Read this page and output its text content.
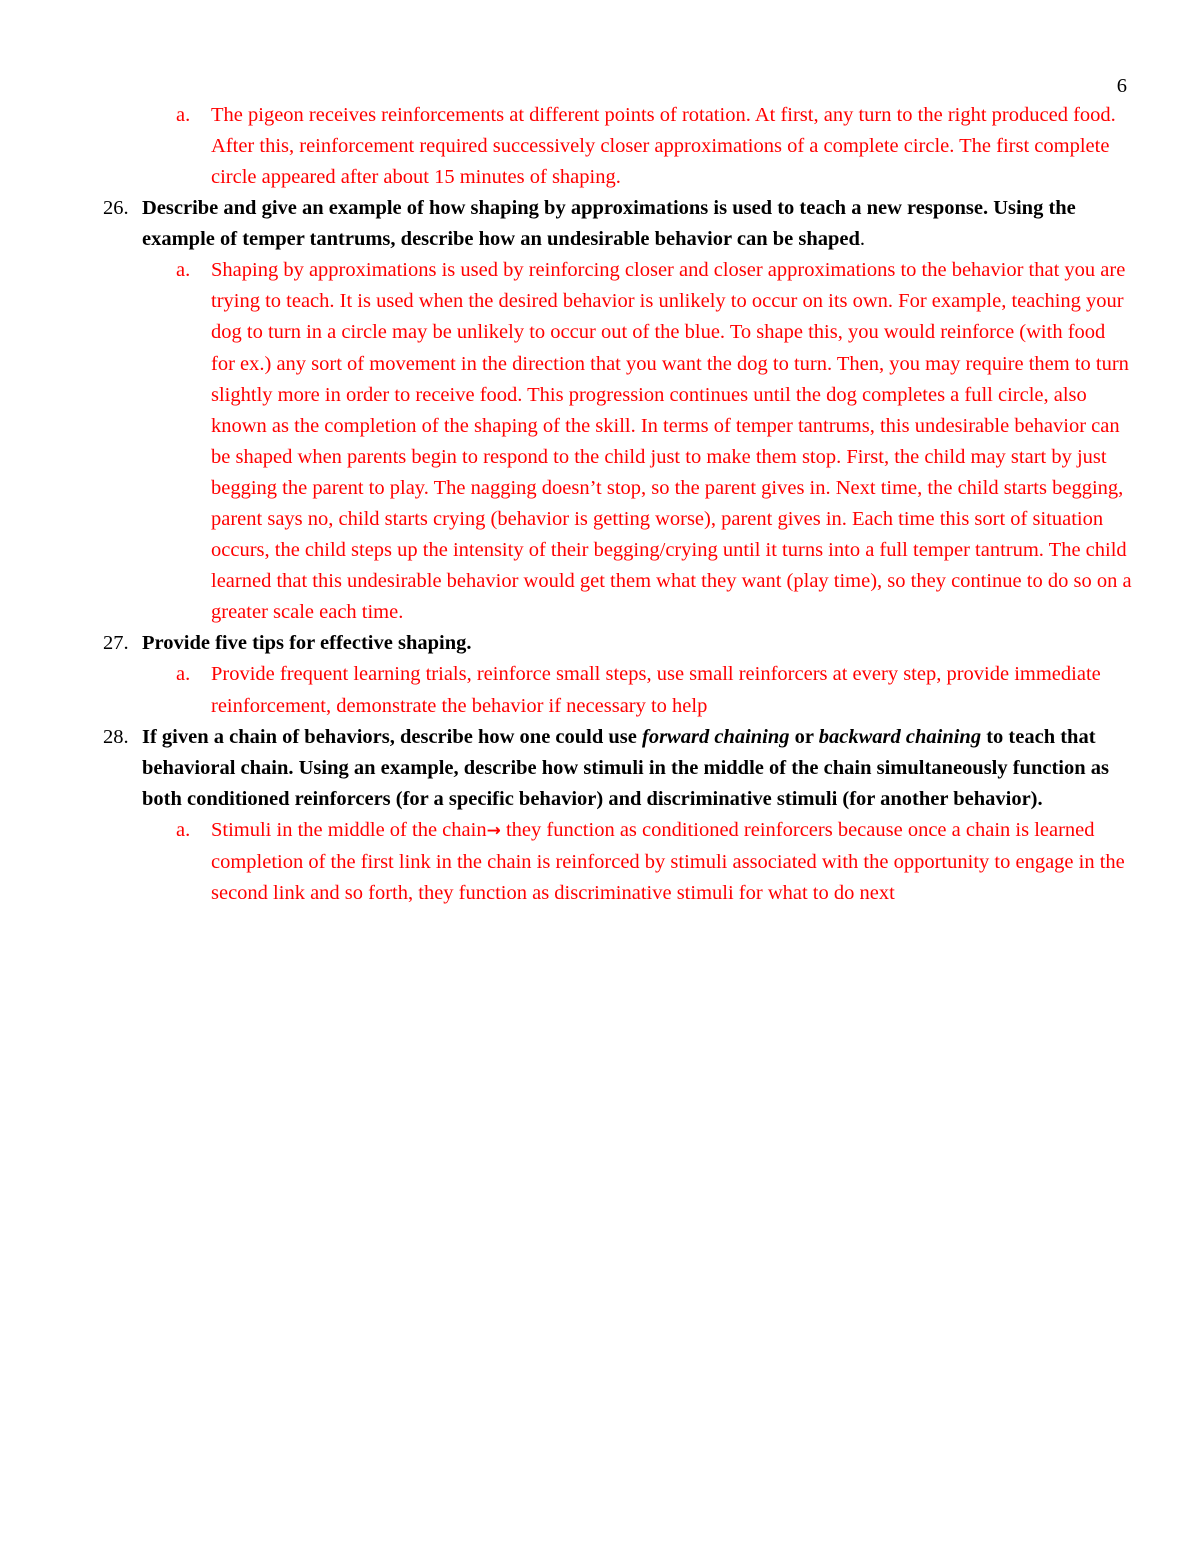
6
a. The pigeon receives reinforcements at different points of rotation. At first, any turn to the right produced food. After this, reinforcement required successively closer approximations of a complete circle. The first complete circle appeared after about 15 minutes of shaping.
26. Describe and give an example of how shaping by approximations is used to teach a new response. Using the example of temper tantrums, describe how an undesirable behavior can be shaped.
a. Shaping by approximations is used by reinforcing closer and closer approximations to the behavior that you are trying to teach. It is used when the desired behavior is unlikely to occur on its own. For example, teaching your dog to turn in a circle may be unlikely to occur out of the blue. To shape this, you would reinforce (with food for ex.) any sort of movement in the direction that you want the dog to turn. Then, you may require them to turn slightly more in order to receive food. This progression continues until the dog completes a full circle, also known as the completion of the shaping of the skill. In terms of temper tantrums, this undesirable behavior can be shaped when parents begin to respond to the child just to make them stop. First, the child may start by just begging the parent to play. The nagging doesn’t stop, so the parent gives in. Next time, the child starts begging, parent says no, child starts crying (behavior is getting worse), parent gives in. Each time this sort of situation occurs, the child steps up the intensity of their begging/crying until it turns into a full temper tantrum. The child learned that this undesirable behavior would get them what they want (play time), so they continue to do so on a greater scale each time.
27. Provide five tips for effective shaping.
a. Provide frequent learning trials, reinforce small steps, use small reinforcers at every step, provide immediate reinforcement, demonstrate the behavior if necessary to help
28. If given a chain of behaviors, describe how one could use forward chaining or backward chaining to teach that behavioral chain. Using an example, describe how stimuli in the middle of the chain simultaneously function as both conditioned reinforcers (for a specific behavior) and discriminative stimuli (for another behavior).
a. Stimuli in the middle of the chain→ they function as conditioned reinforcers because once a chain is learned completion of the first link in the chain is reinforced by stimuli associated with the opportunity to engage in the second link and so forth, they function as discriminative stimuli for what to do next
